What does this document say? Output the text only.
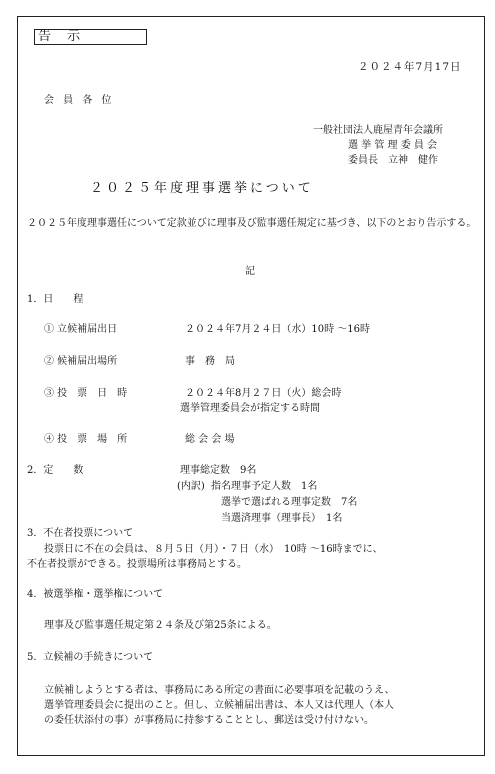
告 示
２０２４年7月17日
会 員 各 位
一般社団法人鹿屋青年会議所
選 挙 管 理 委 員 会
委員長　立神　健作
２０２５年度理事選挙について
２０２５年度理事選任について定款並びに理事及び監事選任規定に基づき、以下のとおり告示する。
記
1．日　　程
① 立候補届出日	２０２４年7月２４日（水）10時 〜16時
② 候補届出場所	事　務　局
③ 投　票　日　時	２０２４年8月２７日（火）総会時
選挙管理委員会が指定する時間
④ 投　票　場　所	総 会 会 場
2．定　　数	理事総定数　9名
(内訳) 指名理事予定人数　1名
選挙で選ばれる理事定数　7名
当選済理事（理事長）　1名
3．不在者投票について
投票日に不在の会員は、８月５日（月）・７日（水）　10時 〜16時までに、
不在者投票ができる。投票場所は事務局とする。
4．被選挙権・選挙権について
理事及び監事選任規定第２４条及び第25条による。
5．立候補の手続きについて
立候補しようとする者は、事務局にある所定の書面に必要事項を記載のうえ、
選挙管理委員会に提出のこと。但し、立候補届出書は、本人又は代理人（本人
の委任状添付の事）が事務局に持参することとし、郵送は受け付けない。
